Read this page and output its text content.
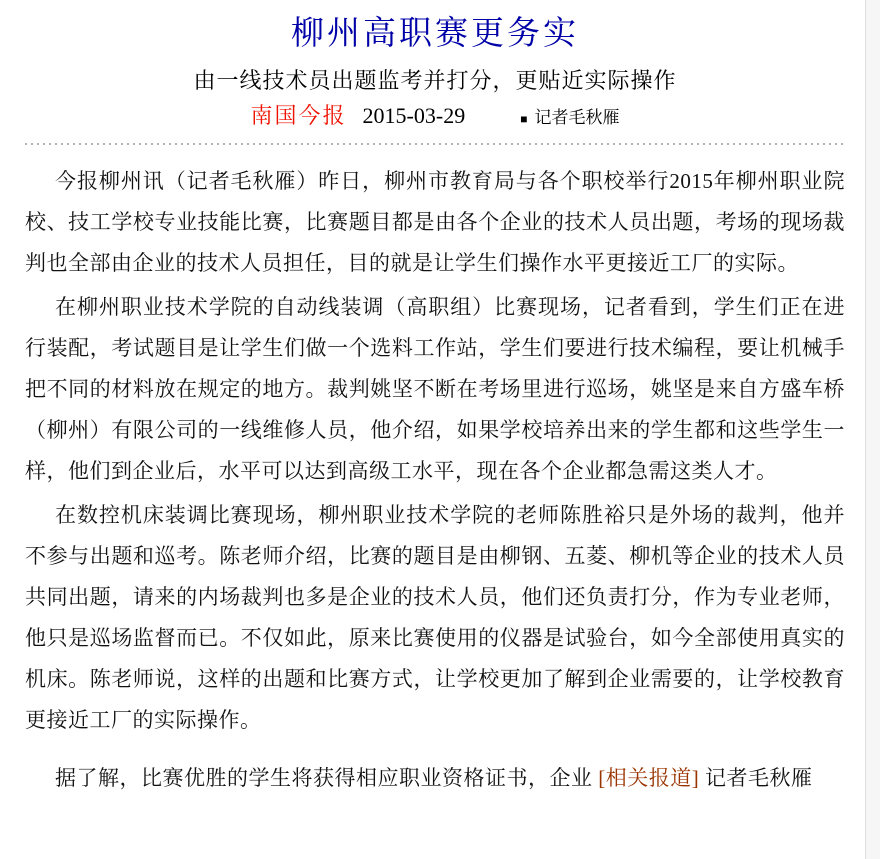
柳州高职赛更务实
由一线技术员出题监考并打分，更贴近实际操作
南国今报 2015-03-29	■ 记者毛秋雁

今报柳州讯（记者毛秋雁）昨日，柳州市教育局与各个职校举行2015年柳州职业院校、技工学校专业技能比赛，比赛题目都是由各个企业的技术人员出题，考场的现场裁判也全部由企业的技术人员担任，目的就是让学生们操作水平更接近工厂的实际。

在柳州职业技术学院的自动线装调（高职组）比赛现场，记者看到，学生们正在进行装配，考试题目是让学生们做一个选料工作站，学生们要进行技术编程，要让机械手把不同的材料放在规定的地方。裁判姚坚不断在考场里进行巡场，姚坚是来自方盛车桥（柳州）有限公司的一线维修人员，他介绍，如果学校培养出来的学生都和这些学生一样，他们到企业后，水平可以达到高级工水平，现在各个企业都急需这类人才。

在数控机床装调比赛现场，柳州职业技术学院的老师陈胜裕只是外场的裁判，他并不参与出题和巡考。陈老师介绍，比赛的题目是由柳钢、五菱、柳机等企业的技术人员共同出题，请来的内场裁判也多是企业的技术人员，他们还负责打分，作为专业老师，他只是巡场监督而已。不仅如此，原来比赛使用的仪器是试验台，如今全部使用真实的机床。陈老师说，这样的出题和比赛方式，让学校更加了解到企业需要的，让学校教育更接近工厂的实际操作。

据了解，比赛优胜的学生将获得相应职业资格证书，企业 [相关报道] 记者毛秋雁
